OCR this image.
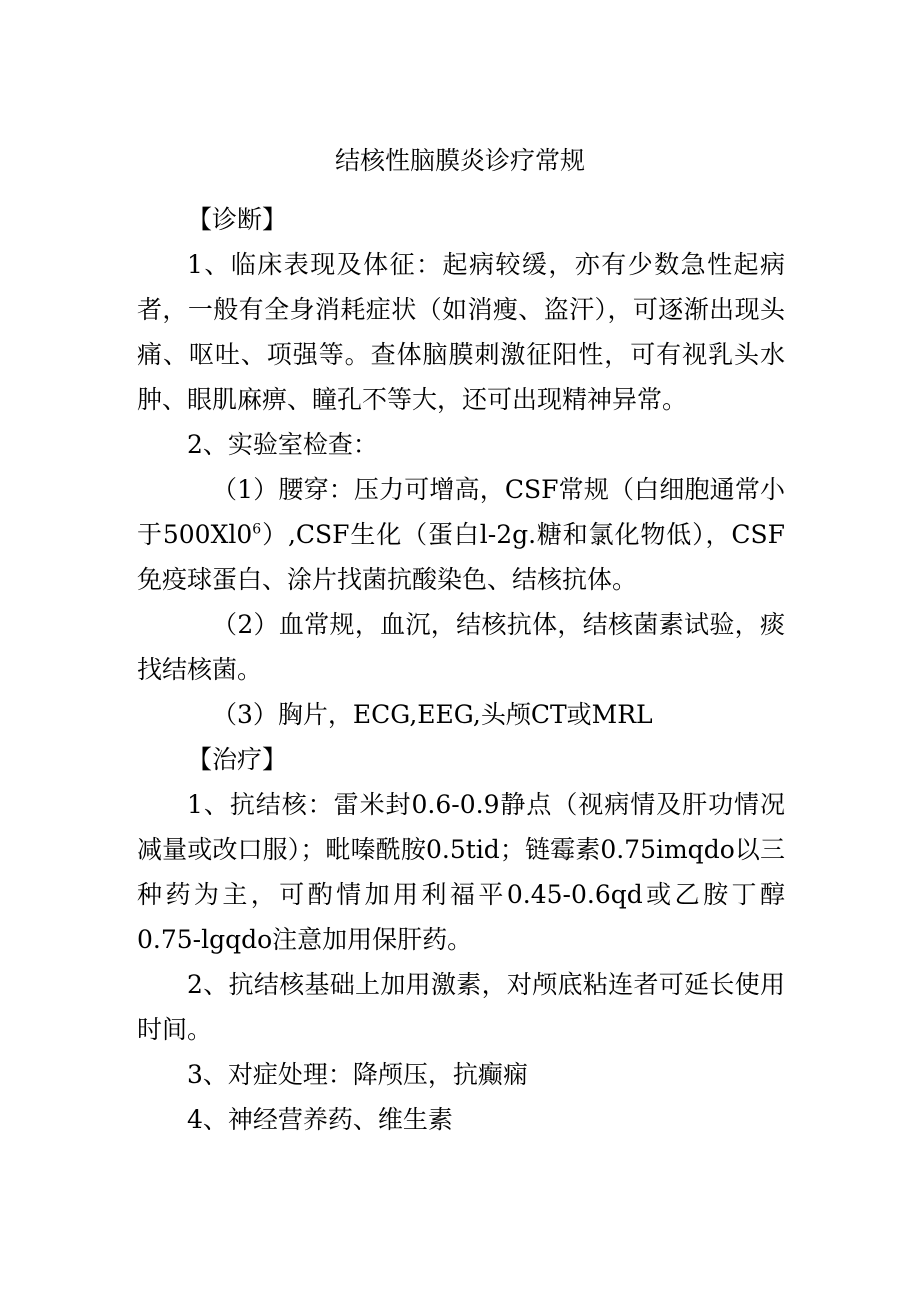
结核性脑膜炎诊疗常规

【诊断】

1、临床表现及体征：起病较缓，亦有少数急性起病者，一般有全身消耗症状（如消瘦、盗汗），可逐渐出现头痛、呕吐、项强等。查体脑膜刺激征阳性，可有视乳头水肿、眼肌麻痹、瞳孔不等大，还可出现精神异常。

2、实验室检查：

（1）腰穿：压力可增高，CSF常规（白细胞通常小于$500Xl0^6),CSF$生化（蛋白l-2g.糖和氯化物低），CSF免疫球蛋白、涂片找菌抗酸染色、结核抗体。

（2）血常规，血沉，结核抗体，结核菌素试验，痰找结核菌。

（3）胸片，ECG,EEG,头颅CT或MRL

【治疗】

1、抗结核：雷米封0.6-0.9静点（视病情及肝功情况减量或改口服）；毗嗪酰胺0.5tid；链霉素0.75imqdo以三种药为主，可酌情加用利福平0.45-0.6qd或乙胺丁醇0.75-lgqdo注意加用保肝药。

2、抗结核基础上加用激素，对颅底粘连者可延长使用时间。

3、对症处理：降颅压，抗癫痫

4、神经营养药、维生素
